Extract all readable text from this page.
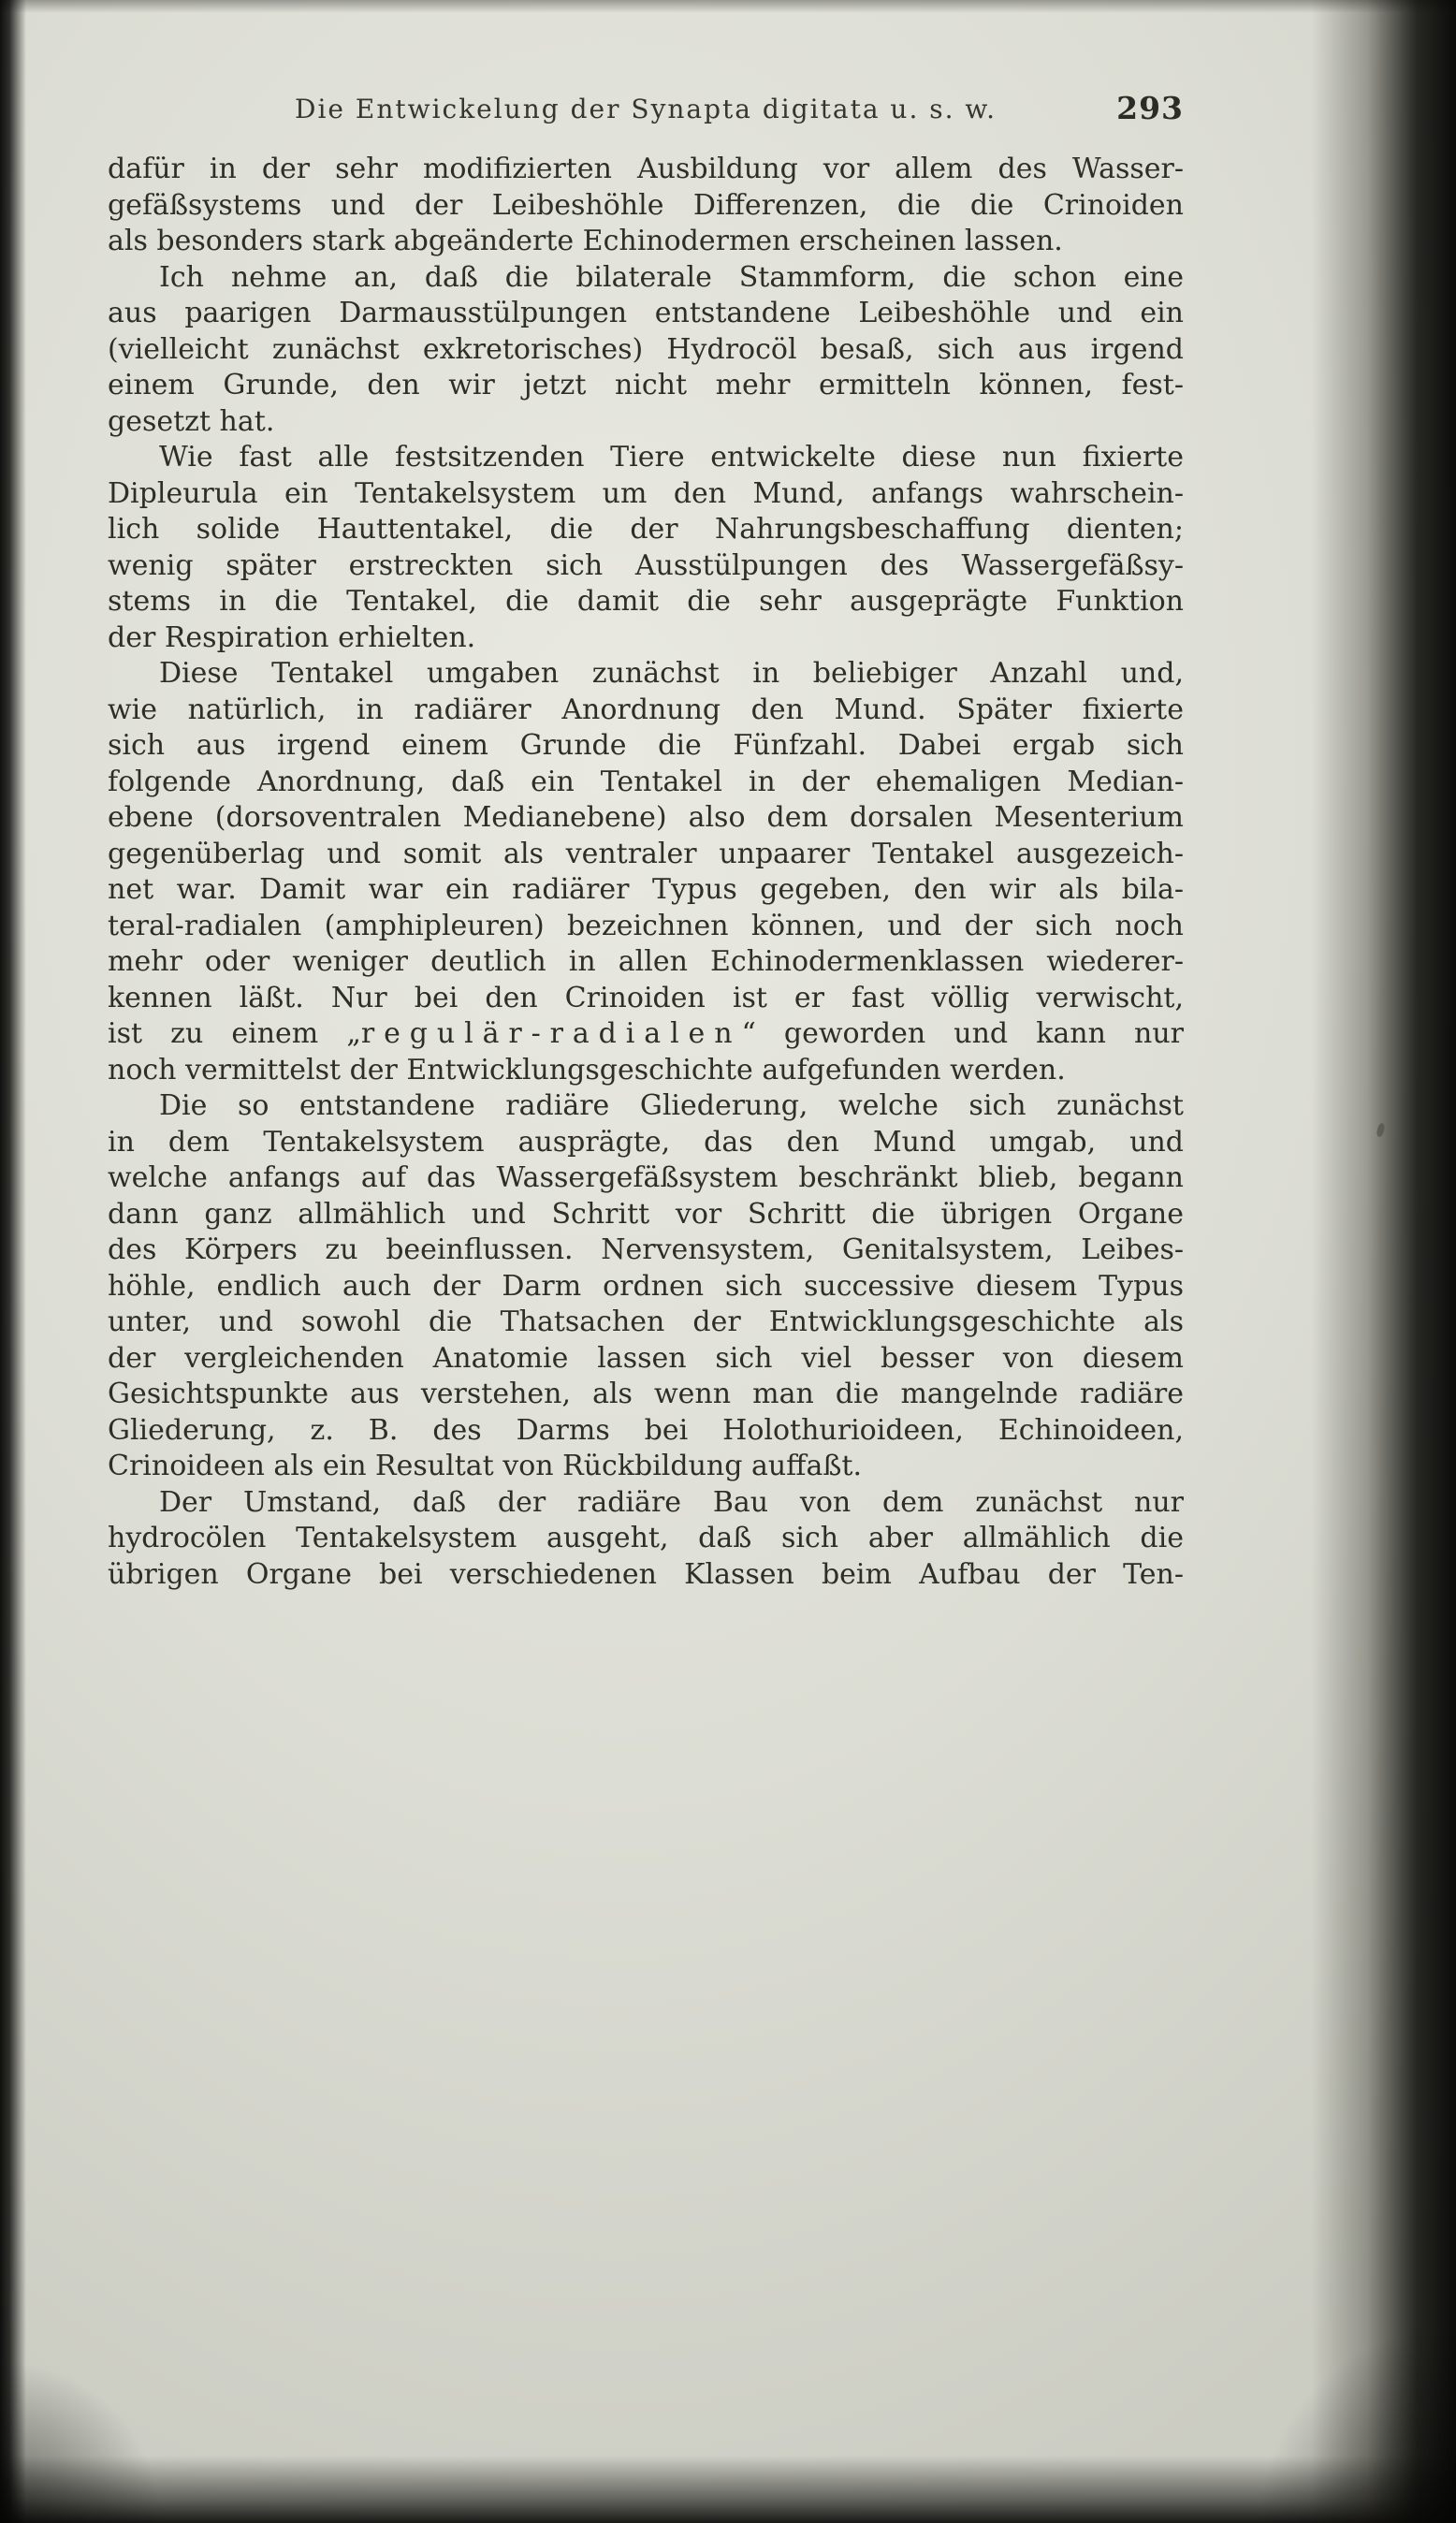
Die Entwickelung der Synapta digitata u. s. w.	293
dafür in der sehr modifizierten Ausbildung vor allem des Wasser-
gefäßsystems und der Leibeshöhle Differenzen, die die Crinoiden
als besonders stark abgeänderte Echinodermen erscheinen lassen.
Ich nehme an, daß die bilaterale Stammform, die schon eine
aus paarigen Darmausstülpungen entstandene Leibeshöhle und ein
(vielleicht zunächst exkretorisches) Hydrocöl besaß, sich aus irgend
einem Grunde, den wir jetzt nicht mehr ermitteln können, fest-
gesetzt hat.
Wie fast alle festsitzenden Tiere entwickelte diese nun fixierte
Dipleurula ein Tentakelsystem um den Mund, anfangs wahrschein-
lich solide Hauttentakel, die der Nahrungsbeschaffung dienten;
wenig später erstreckten sich Ausstülpungen des Wassergefäßsy-
stems in die Tentakel, die damit die sehr ausgeprägte Funktion
der Respiration erhielten.
Diese Tentakel umgaben zunächst in beliebiger Anzahl und,
wie natürlich, in radiärer Anordnung den Mund. Später fixierte
sich aus irgend einem Grunde die Fünfzahl. Dabei ergab sich
folgende Anordnung, daß ein Tentakel in der ehemaligen Median-
ebene (dorsoventralen Medianebene) also dem dorsalen Mesenterium
gegenüberlag und somit als ventraler unpaarer Tentakel ausgezeich-
net war. Damit war ein radiärer Typus gegeben, den wir als bila-
teral-radialen (amphipleuren) bezeichnen können, und der sich noch
mehr oder weniger deutlich in allen Echinodermenklassen wiederer-
kennen läßt. Nur bei den Crinoiden ist er fast völlig verwischt,
ist zu einem „regulär-radialen“ geworden und kann nur
noch vermittelst der Entwicklungsgeschichte aufgefunden werden.
Die so entstandene radiäre Gliederung, welche sich zunächst
in dem Tentakelsystem ausprägte, das den Mund umgab, und
welche anfangs auf das Wassergefäßsystem beschränkt blieb, begann
dann ganz allmählich und Schritt vor Schritt die übrigen Organe
des Körpers zu beeinflussen. Nervensystem, Genitalsystem, Leibes-
höhle, endlich auch der Darm ordnen sich successive diesem Typus
unter, und sowohl die Thatsachen der Entwicklungsgeschichte als
der vergleichenden Anatomie lassen sich viel besser von diesem
Gesichtspunkte aus verstehen, als wenn man die mangelnde radiäre
Gliederung, z. B. des Darms bei Holothurioideen, Echinoideen,
Crinoideen als ein Resultat von Rückbildung auffaßt.
Der Umstand, daß der radiäre Bau von dem zunächst nur
hydrocölen Tentakelsystem ausgeht, daß sich aber allmählich die
übrigen Organe bei verschiedenen Klassen beim Aufbau der Ten-
